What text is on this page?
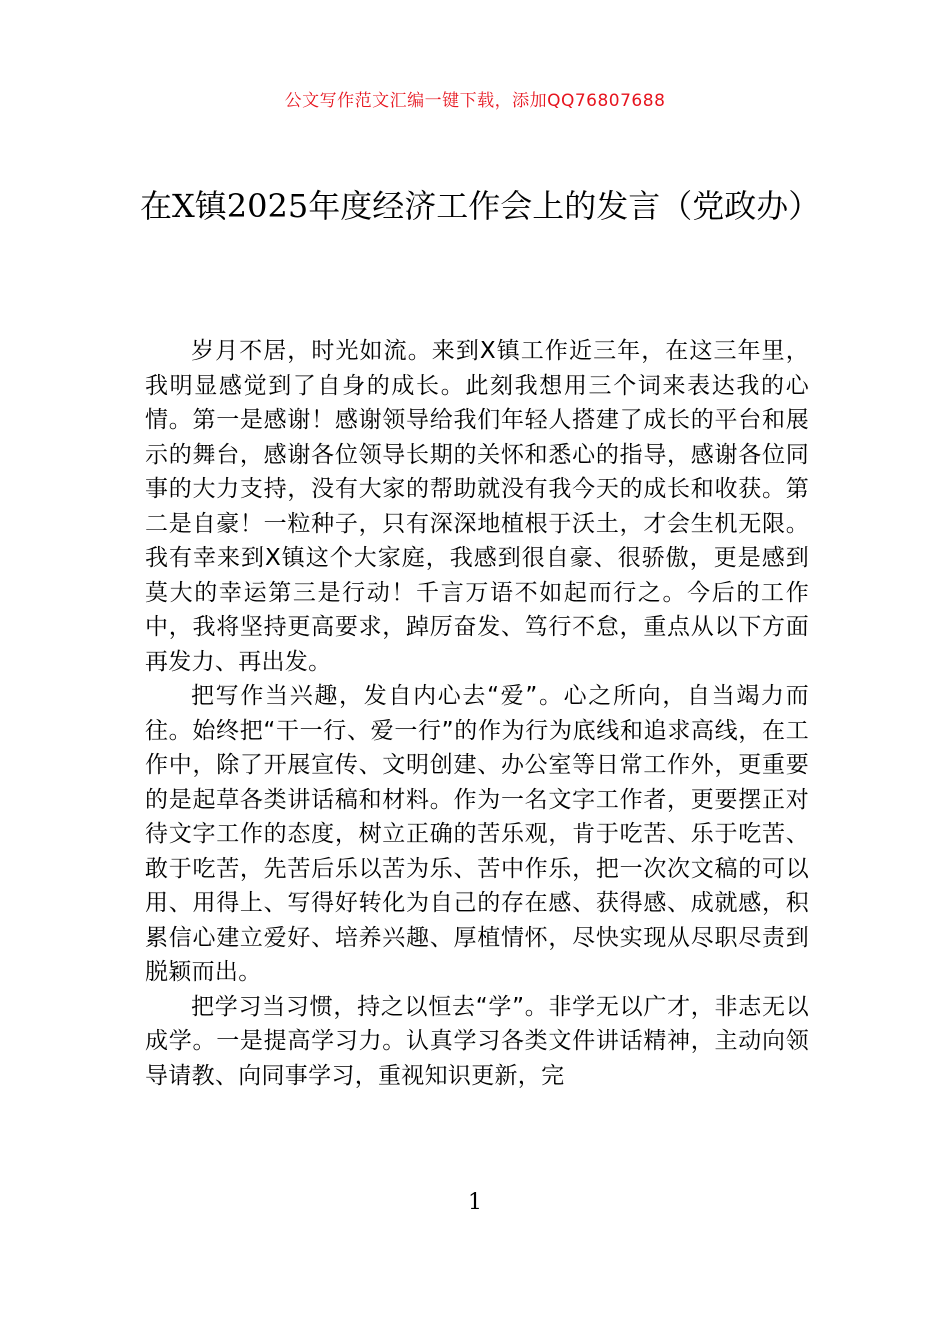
公文写作范文汇编一键下载，添加QQ76807688
在X镇2025年度经济工作会上的发言（党政办）

岁月不居，时光如流。来到X镇工作近三年，在这三年里，我明显感觉到了自身的成长。此刻我想用三个词来表达我的心情。第一是感谢！感谢领导给我们年轻人搭建了成长的平台和展示的舞台，感谢各位领导长期的关怀和悉心的指导，感谢各位同事的大力支持，没有大家的帮助就没有我今天的成长和收获。第二是自豪！一粒种子，只有深深地植根于沃土，才会生机无限。我有幸来到X镇这个大家庭，我感到很自豪、很骄傲，更是感到莫大的幸运第三是行动！千言万语不如起而行之。今后的工作中，我将坚持更高要求，踔厉奋发、笃行不怠，重点从以下方面再发力、再出发。

把写作当兴趣，发自内心去“爱”。心之所向，自当竭力而往。始终把“干一行、爱一行”的作为行为底线和追求高线，在工作中，除了开展宣传、文明创建、办公室等日常工作外，更重要的是起草各类讲话稿和材料。作为一名文字工作者，更要摆正对待文字工作的态度，树立正确的苦乐观，肯于吃苦、乐于吃苦、敢于吃苦，先苦后乐以苦为乐、苦中作乐，把一次次文稿的可以用、用得上、写得好转化为自己的存在感、获得感、成就感，积累信心建立爱好、培养兴趣、厚植情怀，尽快实现从尽职尽责到脱颖而出。

把学习当习惯，持之以恒去“学”。非学无以广才，非志无以成学。一是提高学习力。认真学习各类文件讲话精神，主动向领导请教、向同事学习，重视知识更新，完

1
